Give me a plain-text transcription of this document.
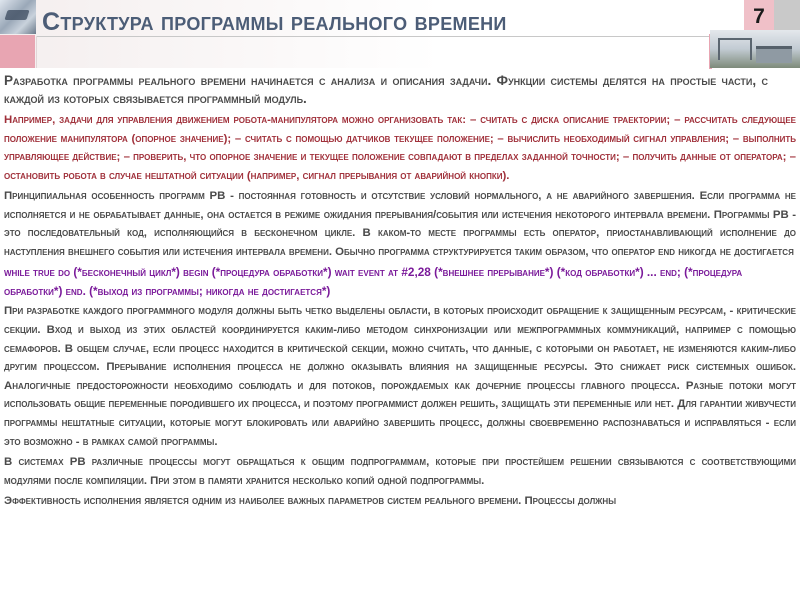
Структура программы реального времени	7

Разработка программы реального времени начинается с анализа и описания задачи. Функции системы делятся на простые части, с каждой из которых связывается программный модуль.

Например, задачи для управления движением робота-манипулятора можно организовать так: – считать с диска описание траектории; – рассчитать следующее положение манипулятора (опорное значение); – считать с помощью датчиков текущее положение; – вычислить необходимый сигнал управления; – выполнить управляющее действие; – проверить, что опорное значение и текущее положение совпадают в пределах заданной точности; – получить данные от оператора; – остановить робота в случае нештатной ситуации (например, сигнал прерывания от аварийной кнопки).

Принципиальная особенность программ РВ - постоянная готовность и отсутствие условий нормального, а не аварийного завершения. Если программа не исполняется и не обрабатывает данные, она остается в режиме ожидания прерывания/события или истечения некоторого интервала времени. Программы РВ - это последовательный код, исполняющийся в бесконечном цикле. В каком-то месте программы есть оператор, приостанавливающий исполнение до наступления внешнего события или истечения интервала времени. Обычно программа структурируется таким образом, что оператор end никогда не достигается

while true do (*бесконечный цикл*) begin (*процедура обработки*) wait event at #2,28 (*внешнее прерывание*) (*код обработки*) ... end; (*процедура обработки*) end. (*выход из программы; никогда не достигается*)

При разработке каждого программного модуля должны быть четко выделены области, в которых происходит обращение к защищенным ресурсам, - критические секции. Вход и выход из этих областей координируется каким-либо методом синхронизации или межпрограммных коммуникаций, например с помощью семафоров. В общем случае, если процесс находится в критической секции, можно считать, что данные, с которыми он работает, не изменяются каким-либо другим процессом. Прерывание исполнения процесса не должно оказывать влияния на защищенные ресурсы. Это снижает риск системных ошибок. Аналогичные предосторожности необходимо соблюдать и для потоков, порождаемых как дочерние процессы главного процесса. Разные потоки могут использовать общие переменные породившего их процесса, и поэтому программист должен решить, защищать эти переменные или нет. Для гарантии живучести программы нештатные ситуации, которые могут блокировать или аварийно завершить процесс, должны своевременно распознаваться и исправляться - если это возможно - в рамках самой программы.

В системах РВ различные процессы могут обращаться к общим подпрограммам, которые при простейшем решении связываются с соответствующими модулями после компиляции. При этом в памяти хранится несколько копий одной подпрограммы.

Эффективность исполнения является одним из наиболее важных параметров систем реального времени. Процессы должны
